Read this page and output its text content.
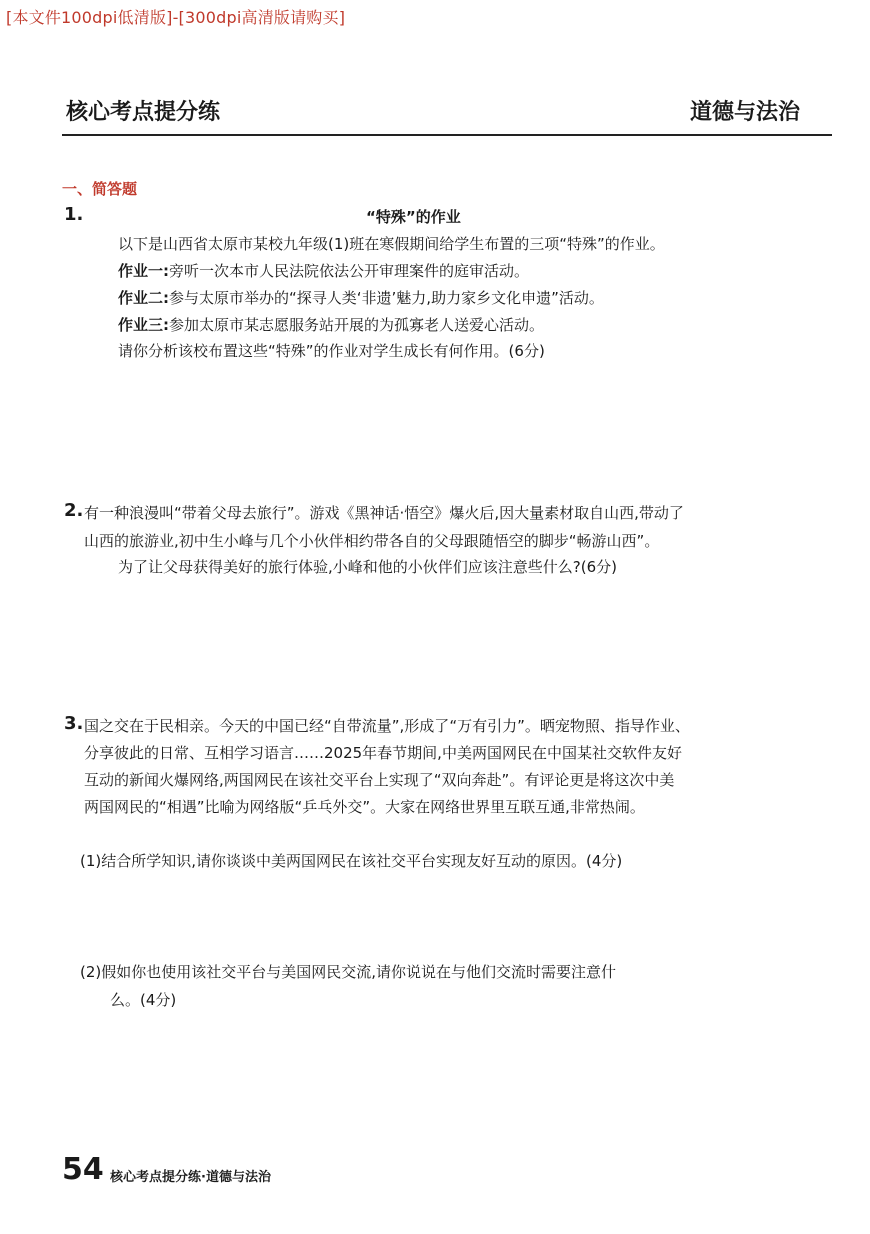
[本文件100dpi低清版]-[300dpi高清版请购买]
核心考点提分练	道德与法治
一、简答题
1.	“特殊”的作业
以下是山西省太原市某校九年级(1)班在寒假期间给学生布置的三项“特殊”的作业。
作业一:旁听一次本市人民法院依法公开审理案件的庭审活动。
作业二:参与太原市举办的“探寻人类‘非遗’魅力,助力家乡文化申遗”活动。
作业三:参加太原市某志愿服务站开展的为孤寡老人送爱心活动。
请你分析该校布置这些“特殊”的作业对学生成长有何作用。(6分)
2. 有一种浪漫叫“带着父母去旅行”。游戏《黑神话·悟空》爆火后,因大量素材取自山西,带动了
山西的旅游业,初中生小峰与几个小伙伴相约带各自的父母跟随悟空的脚步“畅游山西”。
为了让父母获得美好的旅行体验,小峰和他的小伙伴们应该注意些什么?(6分)
3. 国之交在于民相亲。今天的中国已经“自带流量”,形成了“万有引力”。晒宠物照、指导作业、
分享彼此的日常、互相学习语言……2025年春节期间,中美两国网民在中国某社交软件友好
互动的新闻火爆网络,两国网民在该社交平台上实现了“双向奔赴”。有评论更是将这次中美
两国网民的“相遇”比喻为网络版“乒乓外交”。大家在网络世界里互联互通,非常热闹。
(1)结合所学知识,请你谈谈中美两国网民在该社交平台实现友好互动的原因。(4分)
(2)假如你也使用该社交平台与美国网民交流,请你说说在与他们交流时需要注意什
么。(4分)
54 核心考点提分练·道德与法治
